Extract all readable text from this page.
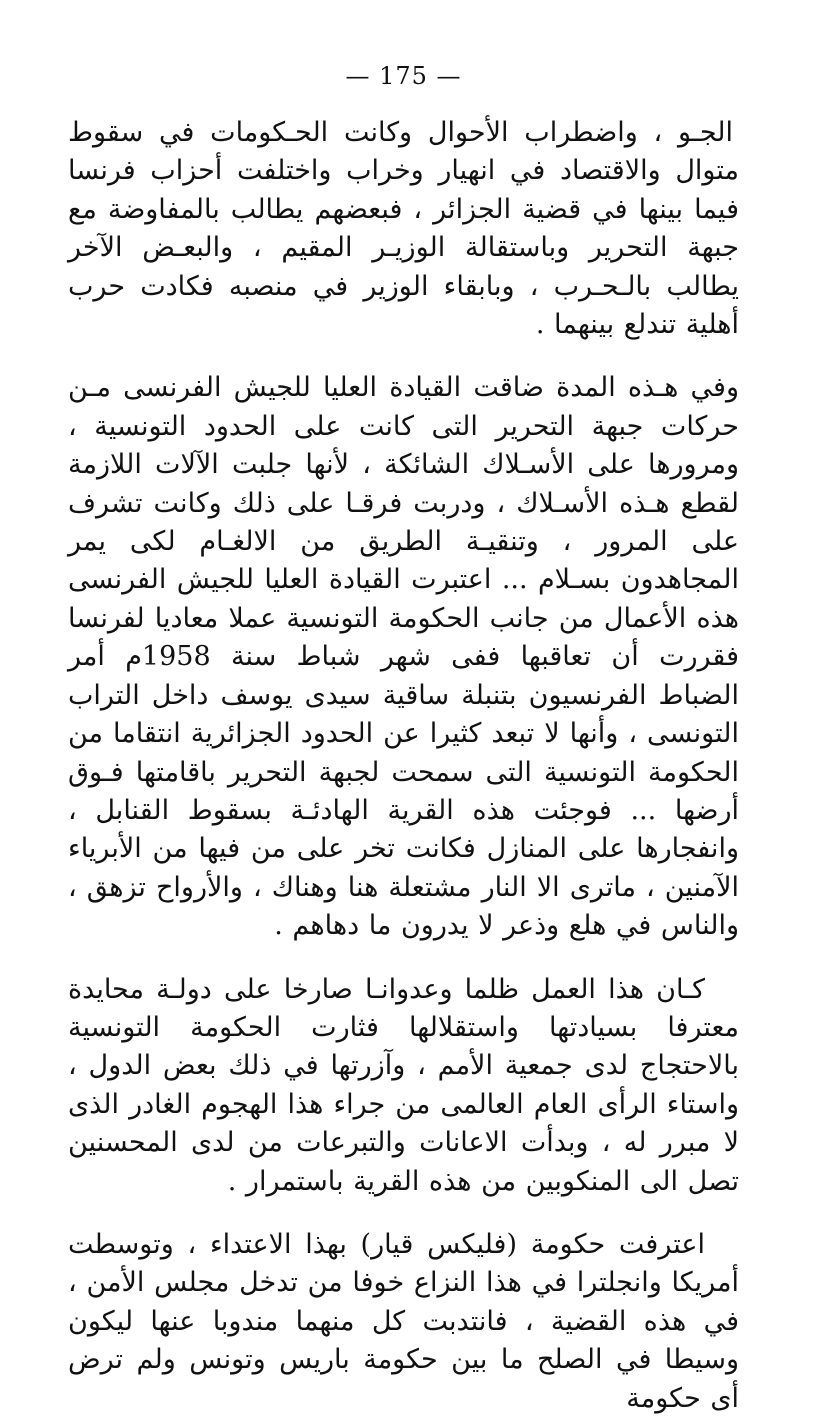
— 175 —

الجـو ، واضطراب الأحوال وكانت الحـكومات في سقوط متوال والاقتصاد في انهيار وخراب واختلفت أحزاب فرنسا فيما بينها في قضية الجزائر ، فبعضهم يطالب بالمفاوضة مع جبهة التحرير وباستقالة الوزيـر المقيم ، والبعـض الآخر يطالب بالـحـرب ، وبابقاء الوزير في منصبه فكادت حرب أهلية تندلع بينهما .

وفي هـذه المدة ضاقت القيادة العليا للجيش الفرنسى مـن حركات جبهة التحرير التى كانت على الحدود التونسية ، ومرورها على الأسـلاك الشائكة ، لأنها جلبت الآلات اللازمة لقطع هـذه الأسـلاك ، ودربت فرقـا على ذلك وكانت تشرف على المرور ، وتنقيـة الطريق من الالغـام لكى يمر المجاهدون بسـلام ... اعتبرت القيادة العليا للجيش الفرنسى هذه الأعمال من جانب الحكومة التونسية عملا معاديا لفرنسا فقررت أن تعاقبها ففى شهر شباط سنة 1958م أمر الضباط الفرنسيون بتنبلة ساقية سيدى يوسف داخل التراب التونسى ، وأنها لا تبعد كثيرا عن الحدود الجزائرية انتقاما من الحكومة التونسية التى سمحت لجبهة التحرير باقامتها فـوق أرضها ... فوجئت هذه القرية الهادئـة بسقوط القنابل ، وانفجارها على المنازل فكانت تخر على من فيها من الأبرياء الآمنين ، ماترى الا النار مشتعلة هنا وهناك ، والأرواح تزهق ، والناس في هلع وذعر لا يدرون ما دهاهم .

كـان هذا العمل ظلما وعدوانـا صارخا على دولـة محايدة معترفا بسيادتها واستقلالها فثارت الحكومة التونسية بالاحتجاج لدى جمعية الأمم ، وآزرتها في ذلك بعض الدول ، واستاء الرأى العام العالمى من جراء هذا الهجوم الغادر الذى لا مبرر له ، وبدأت الاعانات والتبرعات من لدى المحسنين تصل الى المنكوبين من هذه القرية باستمرار .

اعترفت حكومة (فليكس قيار) بهذا الاعتداء ، وتوسطت أمريكا وانجلترا في هذا النزاع خوفا من تدخل مجلس الأمن ، في هذه القضية ، فانتدبت كل منهما مندوبا عنها ليكون وسيطا في الصلح ما بين حكومة باريس وتونس ولم ترض أى حكومة
